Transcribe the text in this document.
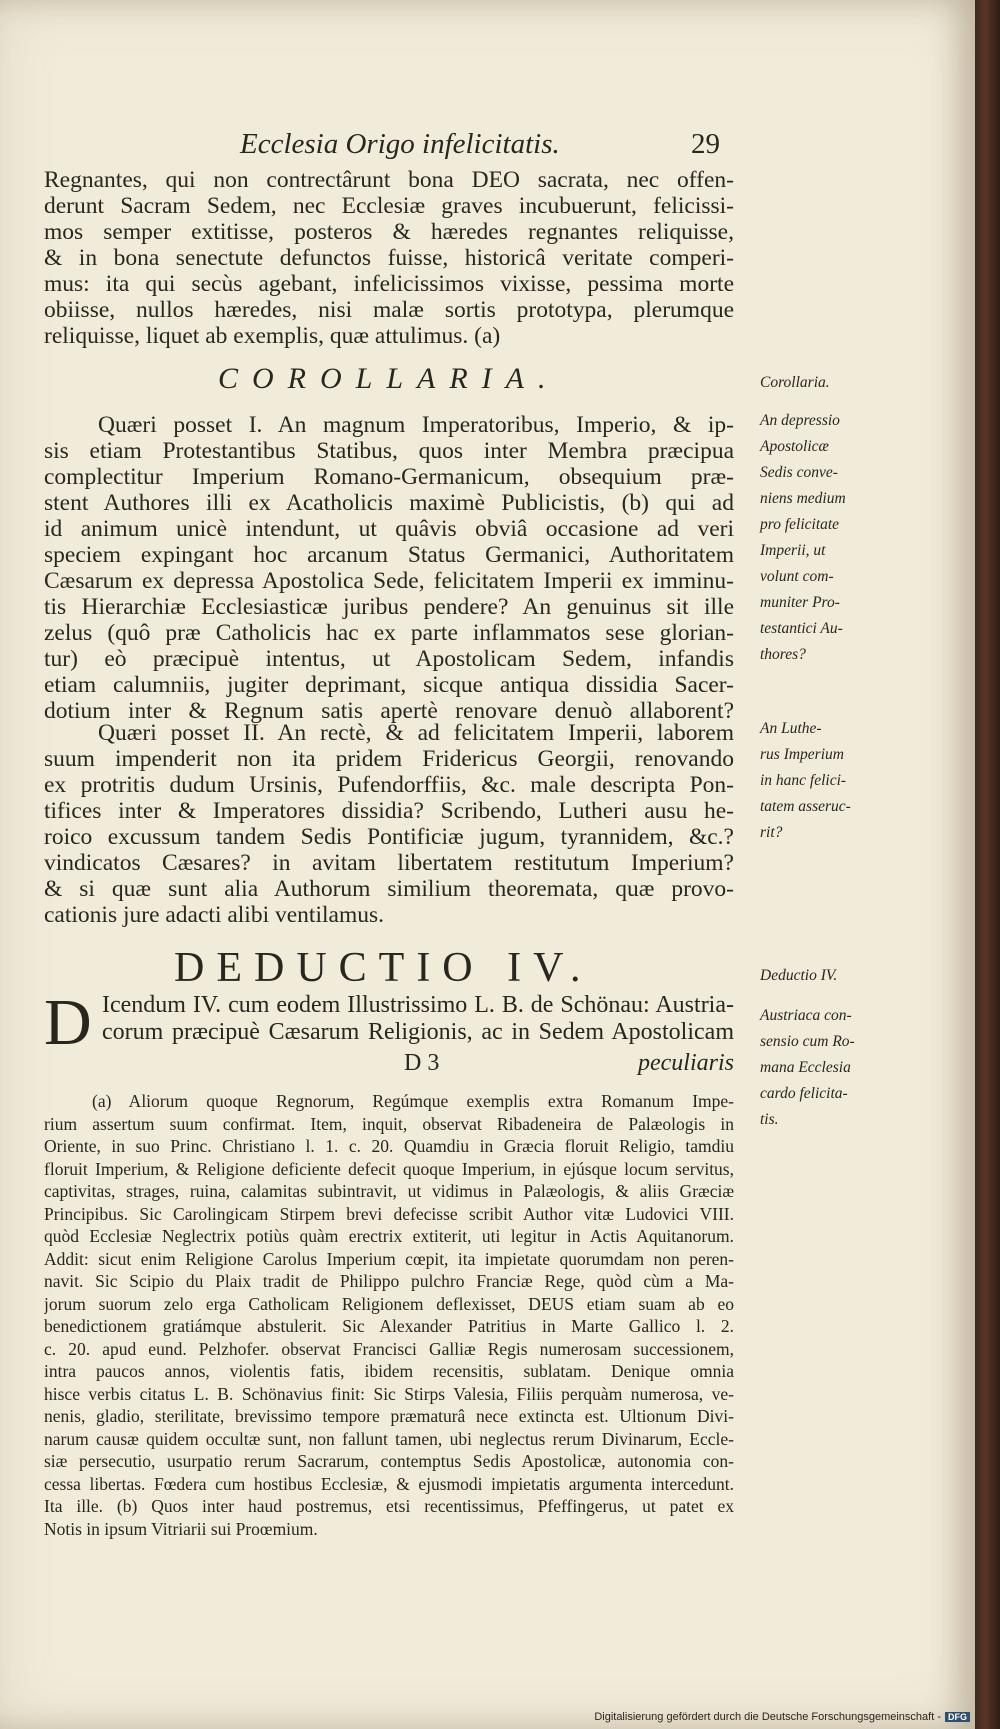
Ecclesia Origo infelicitatis.	29
Regnantes, qui non contrectârunt bona DEO sacrata, nec offen-
derunt Sacram Sedem, nec Ecclesiæ graves incubuerunt, felicissi-
mos semper extitisse, posteros & hæredes regnantes reliquisse,
& in bona senectute defunctos fuisse, historicâ veritate comperi-
mus: ita qui secùs agebant, infelicissimos vixisse, pessima morte
obiisse, nullos hæredes, nisi malæ sortis prototypa, plerumque
reliquisse, liquet ab exemplis, quæ attulimus. (a)
COROLLARIA.
Quæri posset I. An magnum Imperatoribus, Imperio, & ip-
sis etiam Protestantibus Statibus, quos inter Membra præcipua
complectitur Imperium Romano-Germanicum, obsequium præ-
stent Authores illi ex Acatholicis maximè Publicistis, (b) qui ad
id animum unicè intendunt, ut quâvis obviâ occasione ad veri
speciem expingant hoc arcanum Status Germanici, Authoritatem
Cæsarum ex depressa Apostolica Sede, felicitatem Imperii ex imminu-
tis Hierarchiæ Ecclesiasticæ juribus pendere? An genuinus sit ille
zelus (quô præ Catholicis hac ex parte inflammatos sese glorian-
tur) eò præcipuè intentus, ut Apostolicam Sedem, infandis
etiam calumniis, jugiter deprimant, sicque antiqua dissidia Sacer-
dotium inter & Regnum satis apertè renovare denuò allaborent?
Quæri posset II. An rectè, & ad felicitatem Imperii, laborem
suum impenderit non ita pridem Fridericus Georgii, renovando
ex protritis dudum Ursinis, Pufendorffiis, &c. male descripta Pon-
tifices inter & Imperatores dissidia? Scribendo, Lutheri ausu he-
roico excussum tandem Sedis Pontificiæ jugum, tyrannidem, &c.?
vindicatos Cæsares? in avitam libertatem restitutum Imperium?
& si quæ sunt alia Authorum similium theoremata, quæ provo-
cationis jure adacti alibi ventilamus.
DEDUCTIO IV.
D Icendum IV. cum eodem Illustrissimo L. B. de Schönau: Austria-
corum præcipuè Cæsarum Religionis, ac in Sedem Apostolicam
D 3	peculiaris
(a) Aliorum quoque Regnorum, Regúmque exemplis extra Romanum Impe-
rium assertum suum confirmat. Item, inquit, observat Ribadeneira de Palæologis in
Oriente, in suo Princ. Christiano l. 1. c. 20. Quamdiu in Græcia floruit Religio, tamdiu
floruit Imperium, & Religione deficiente defecit quoque Imperium, in ejúsque locum servitus,
captivitas, strages, ruina, calamitas subintravit, ut vidimus in Palæologis, & aliis Græciæ
Principibus. Sic Carolingicam Stirpem brevi defecisse scribit Author vitæ Ludovici VIII.
quòd Ecclesiæ Neglectrix potiùs quàm erectrix extiterit, uti legitur in Actis Aquitanorum.
Addit: sicut enim Religione Carolus Imperium cœpit, ita impietate quorumdam non peren-
navit. Sic Scipio du Plaix tradit de Philippo pulchro Franciæ Rege, quòd cùm a Ma-
jorum suorum zelo erga Catholicam Religionem deflexisset, DEUS etiam suam ab eo
benedictionem gratiámque abstulerit. Sic Alexander Patritius in Marte Gallico l. 2.
c. 20. apud eund. Pelzhofer. observat Francisci Galliæ Regis numerosam successionem,
intra paucos annos, violentis fatis, ibidem recensitis, sublatam. Denique omnia
hisce verbis citatus L. B. Schönavius finit: Sic Stirps Valesia, Filiis perquàm numerosa, ve-
nenis, gladio, sterilitate, brevissimo tempore præmaturâ nece extincta est. Ultionum Divi-
narum causæ quidem occultæ sunt, non fallunt tamen, ubi neglectus rerum Divinarum, Eccle-
siæ persecutio, usurpatio rerum Sacrarum, contemptus Sedis Apostolicæ, autonomia con-
cessa libertas. Fœdera cum hostibus Ecclesiæ, & ejusmodi impietatis argumenta intercedunt.
Ita ille. (b) Quos inter haud postremus, etsi recentissimus, Pfeffingerus, ut patet ex
Notis in ipsum Vitriarii sui Proœmium.
Corollaria.
An depressio
Apostolicæ
Sedis conve-
niens medium
pro felicitate
Imperii, ut
volunt com-
muniter Pro-
testantici Au-
thores?
An Luthe-
rus Imperium
in hanc felici-
tatem asseruc-
rit?
Deductio IV.
Austriaca con-
sensio cum Ro-
mana Ecclesia
cardo felicita-
tis.
Digitalisierung gefördert durch die Deutsche Forschungsgemeinschaft - DFG
